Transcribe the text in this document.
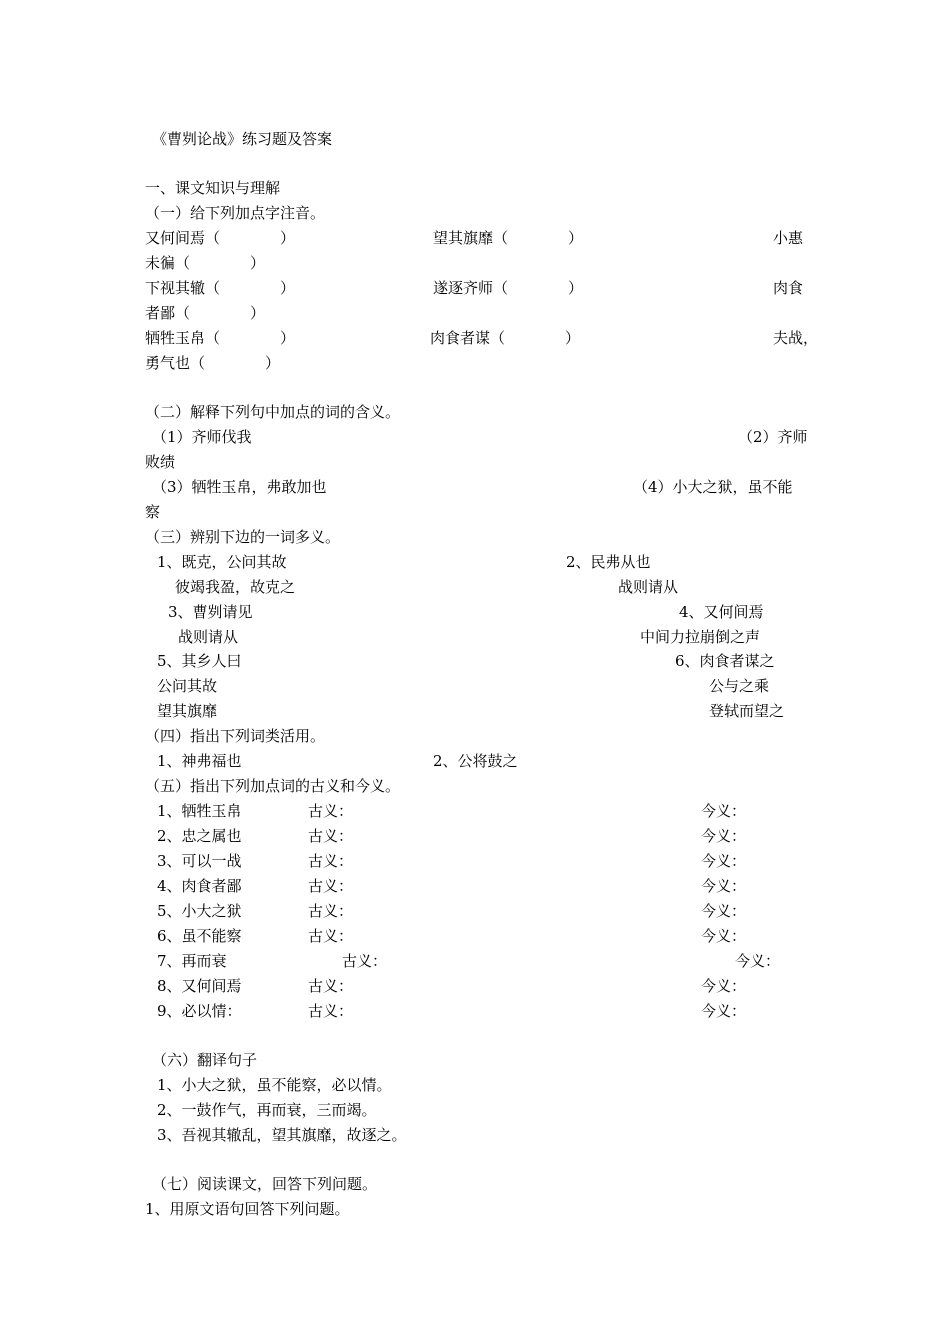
《曹刿论战》练习题及答案
一、课文知识与理解
（一）给下列加点字注音。
又何间焉（　　　　）	望其旗靡（　　　　）	小惠
未徧（　　　　）
下视其辙（　　　　）	遂逐齐师（　　　　）	肉食
者鄙（　　　　）
牺牲玉帛（　　　　）	肉食者谋（　　　　）	夫战，
勇气也（　　　　）
（二）解释下列句中加点的词的含义。
（1）齐师伐我	（2）齐师
败绩
（3）牺牲玉帛，弗敢加也	（4）小大之狱，虽不能
察
（三）辨别下边的一词多义。
1、既克，公问其故	2、民弗从也
彼竭我盈，故克之	战则请从
3、曹刿请见	4、又何间焉
战则请从	中间力拉崩倒之声
5、其乡人曰	6、肉食者谋之
公问其故	公与之乘
望其旗靡	登轼而望之
（四）指出下列词类活用。
1、神弗福也	2、公将鼓之
（五）指出下列加点词的古义和今义。
1、牺牲玉帛	古义：	今义：
2、忠之属也	古义：	今义：
3、可以一战	古义：	今义：
4、肉食者鄙	古义：	今义：
5、小大之狱	古义：	今义：
6、虽不能察	古义：	今义：
7、再而衰	古义：	今义：
8、又何间焉	古义：	今义：
9、必以情：	古义：	今义：
（六）翻译句子
1、小大之狱，虽不能察，必以情。
2、一鼓作气，再而衰，三而竭。
3、吾视其辙乱，望其旗靡，故逐之。
（七）阅读课文，回答下列问题。
1、用原文语句回答下列问题。
